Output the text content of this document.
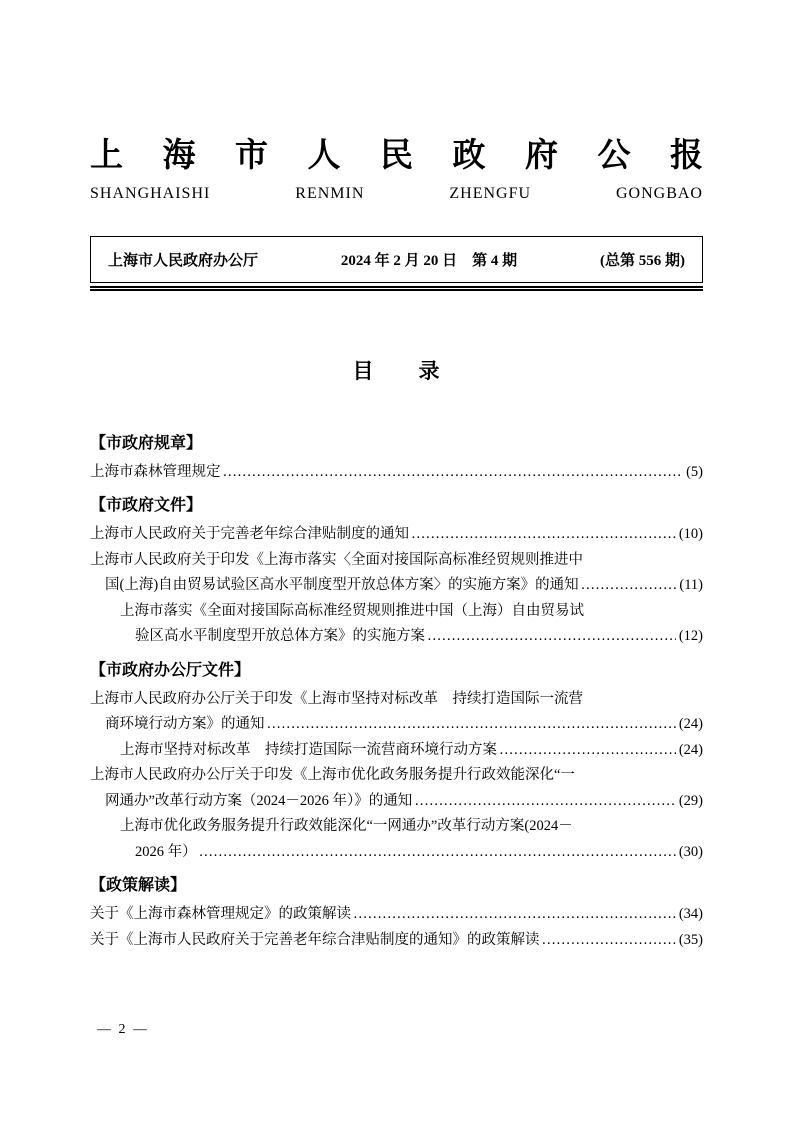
上 海 市 人 民 政 府 公 报
SHANGHAISHI	RENMIN	ZHENGFU	GONGBAO
上海市人民政府办公厅	2024 年 2 月 20 日　第 4 期	(总第 556 期)
目　　录
【市政府规章】
上海市森林管理规定 ………………………………………………………………………………………………………………………………………………	(5)
【市政府文件】
上海市人民政府关于完善老年综合津贴制度的通知 ………………………………………………………………………………………………………………………………………………	(10)
上海市人民政府关于印发《上海市落实〈全面对接国际高标准经贸规则推进中
国(上海)自由贸易试验区高水平制度型开放总体方案〉的实施方案》的通知 ………………………………………………………………………………………………………………………………………………	(11)
上海市落实《全面对接国际高标准经贸规则推进中国（上海）自由贸易试
验区高水平制度型开放总体方案》的实施方案 ………………………………………………………………………………………………………………………………………………	(12)
【市政府办公厅文件】
上海市人民政府办公厅关于印发《上海市坚持对标改革　持续打造国际一流营
商环境行动方案》的通知 ………………………………………………………………………………………………………………………………………………	(24)
上海市坚持对标改革　持续打造国际一流营商环境行动方案 ………………………………………………………………………………………………………………………………………………	(24)
上海市人民政府办公厅关于印发《上海市优化政务服务提升行政效能深化“一
网通办”改革行动方案（2024－2026 年）》的通知 ………………………………………………………………………………………………………………………………………………	(29)
上海市优化政务服务提升行政效能深化“一网通办”改革行动方案(2024－
2026 年） ………………………………………………………………………………………………………………………………………………	(30)
【政策解读】
关于《上海市森林管理规定》的政策解读 ………………………………………………………………………………………………………………………………………………	(34)
关于《上海市人民政府关于完善老年综合津贴制度的通知》的政策解读 ………………………………………………………………………………………………………………………………………………	(35)
— 2 —
